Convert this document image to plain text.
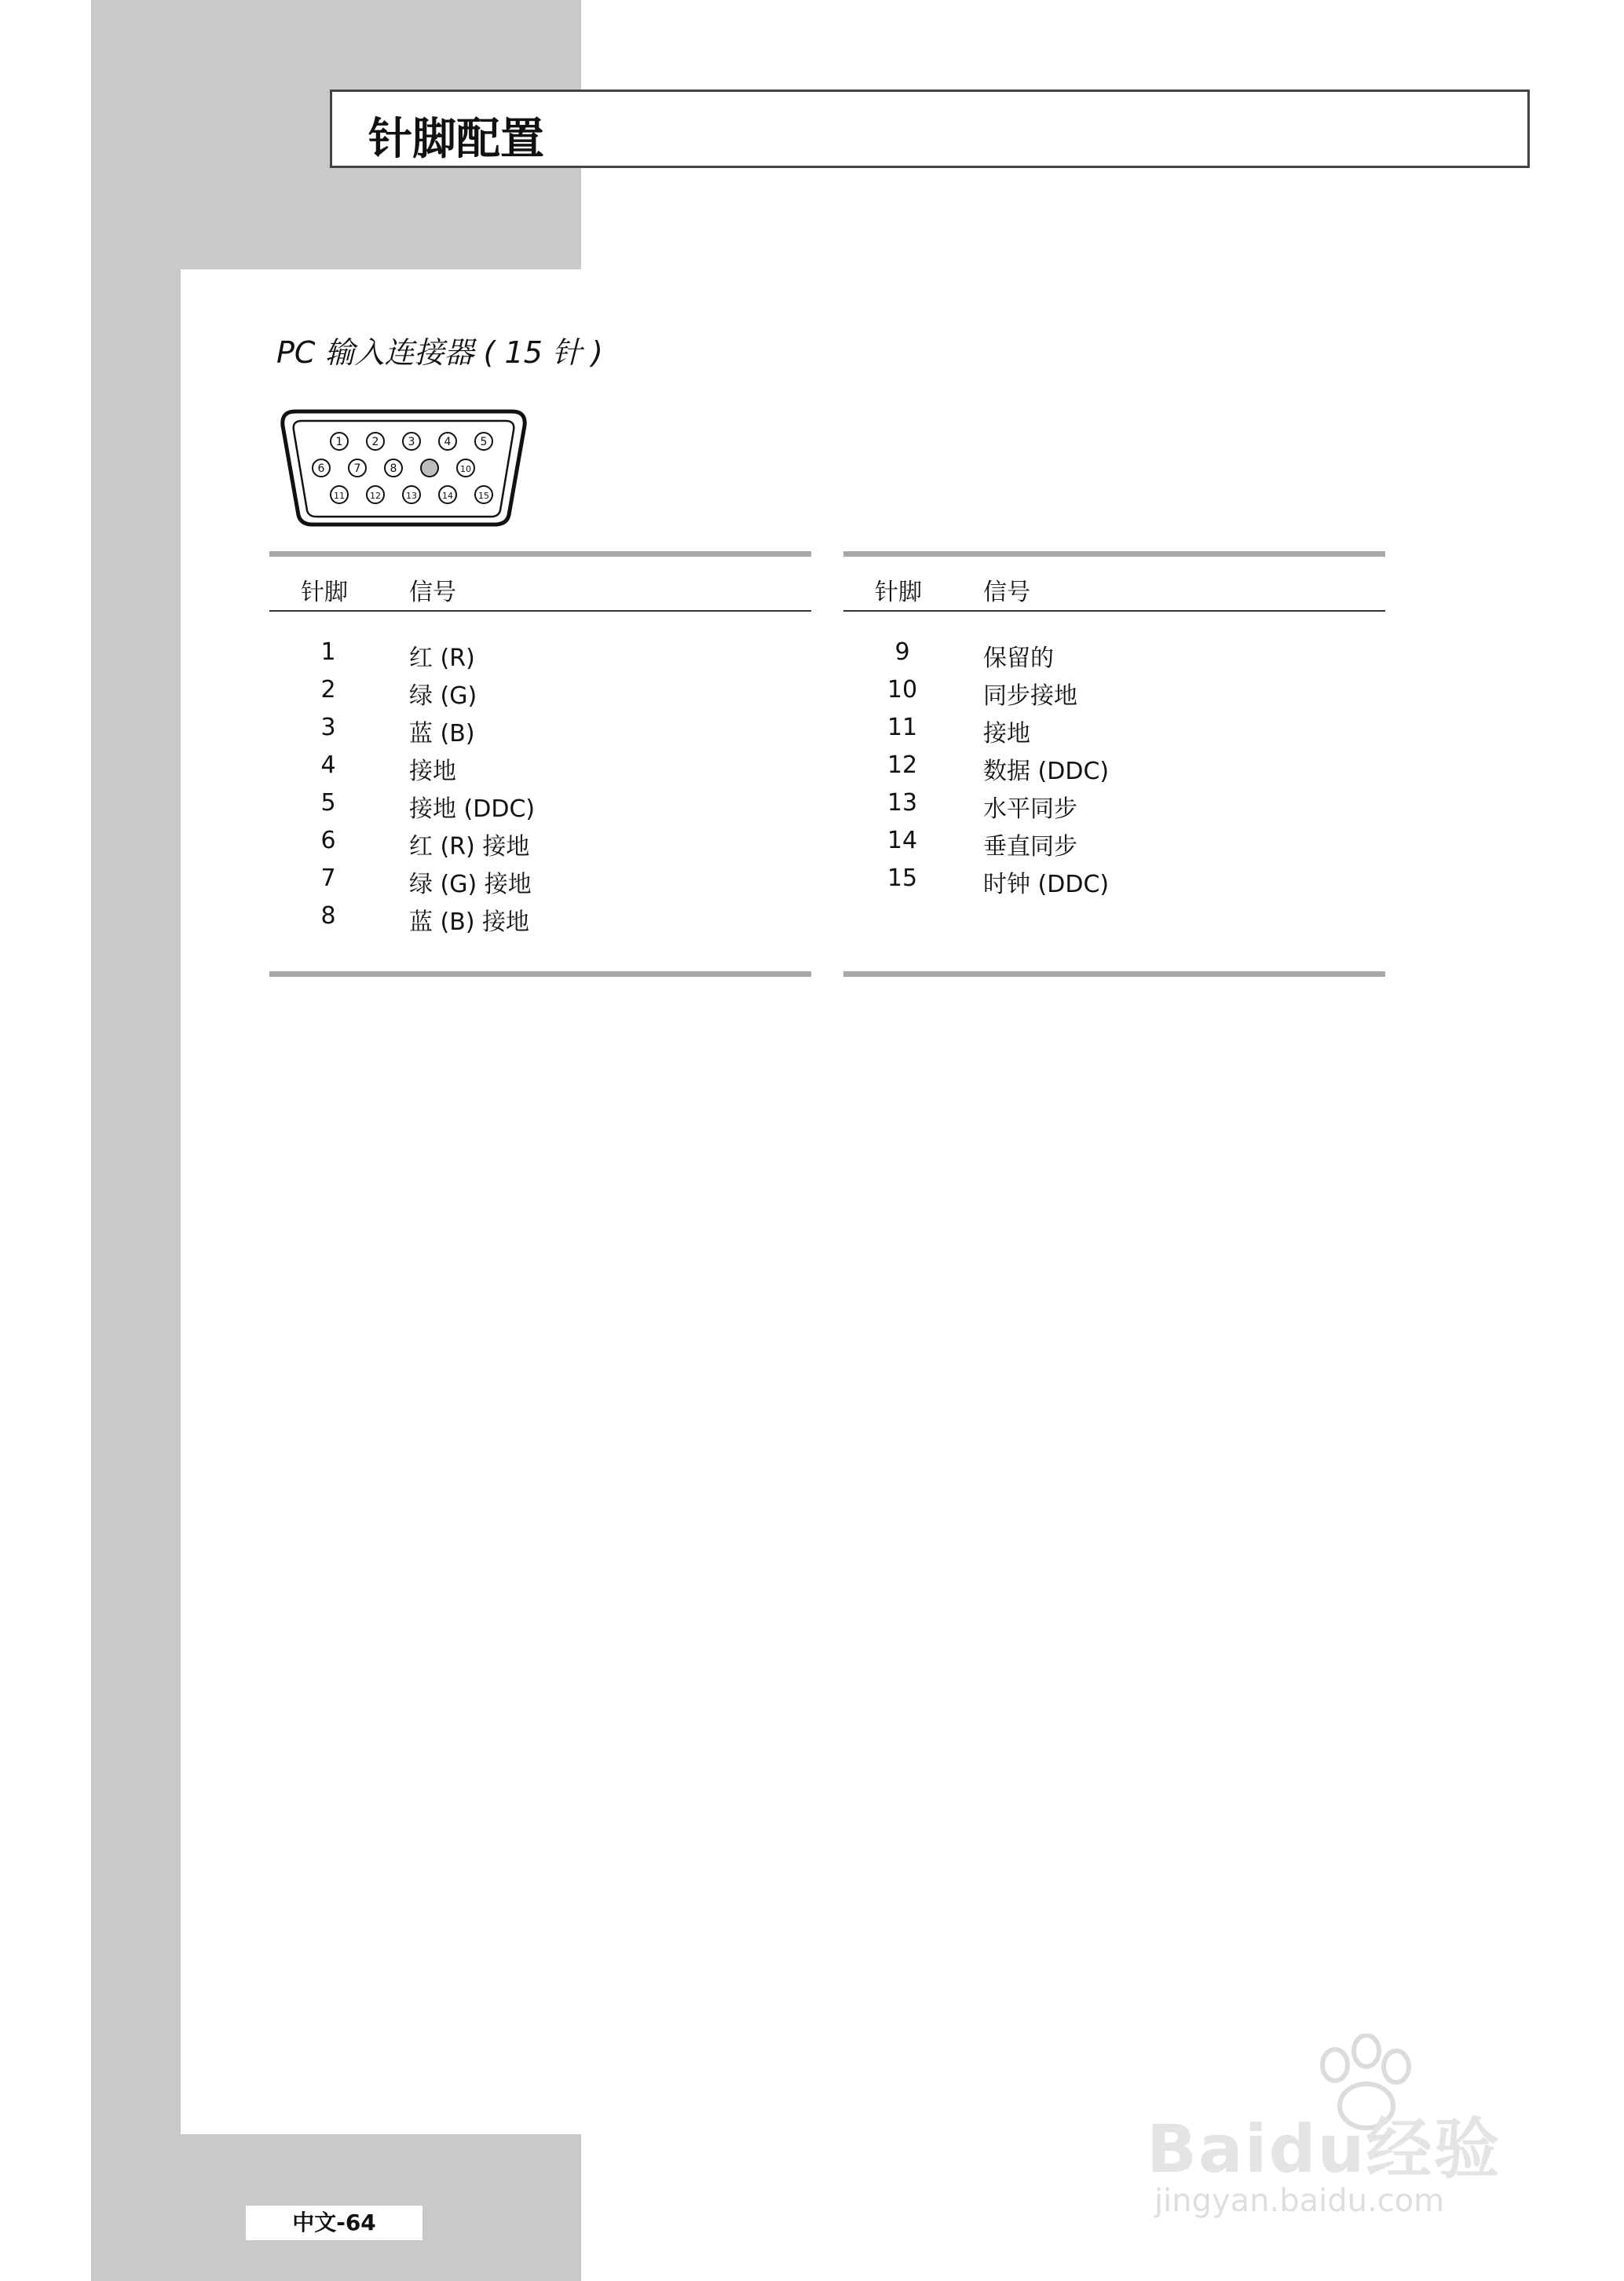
针脚配置
PC 输入连接器 ( 15 针 )
1	2	3	4	5
6	7	8	10
11	12	13	14	15
针脚	信号
1	红 (R)
2	绿 (G)
3	蓝 (B)
4	接地
5	接地 (DDC)
6	红 (R) 接地
7	绿 (G) 接地
8	蓝 (B) 接地
针脚	信号
9	保留的
10	同步接地
11	接地
12	数据 (DDC)
13	水平同步
14	垂直同步
15	时钟 (DDC)
中文-64
Baidu经验
jingyan.baidu.com
